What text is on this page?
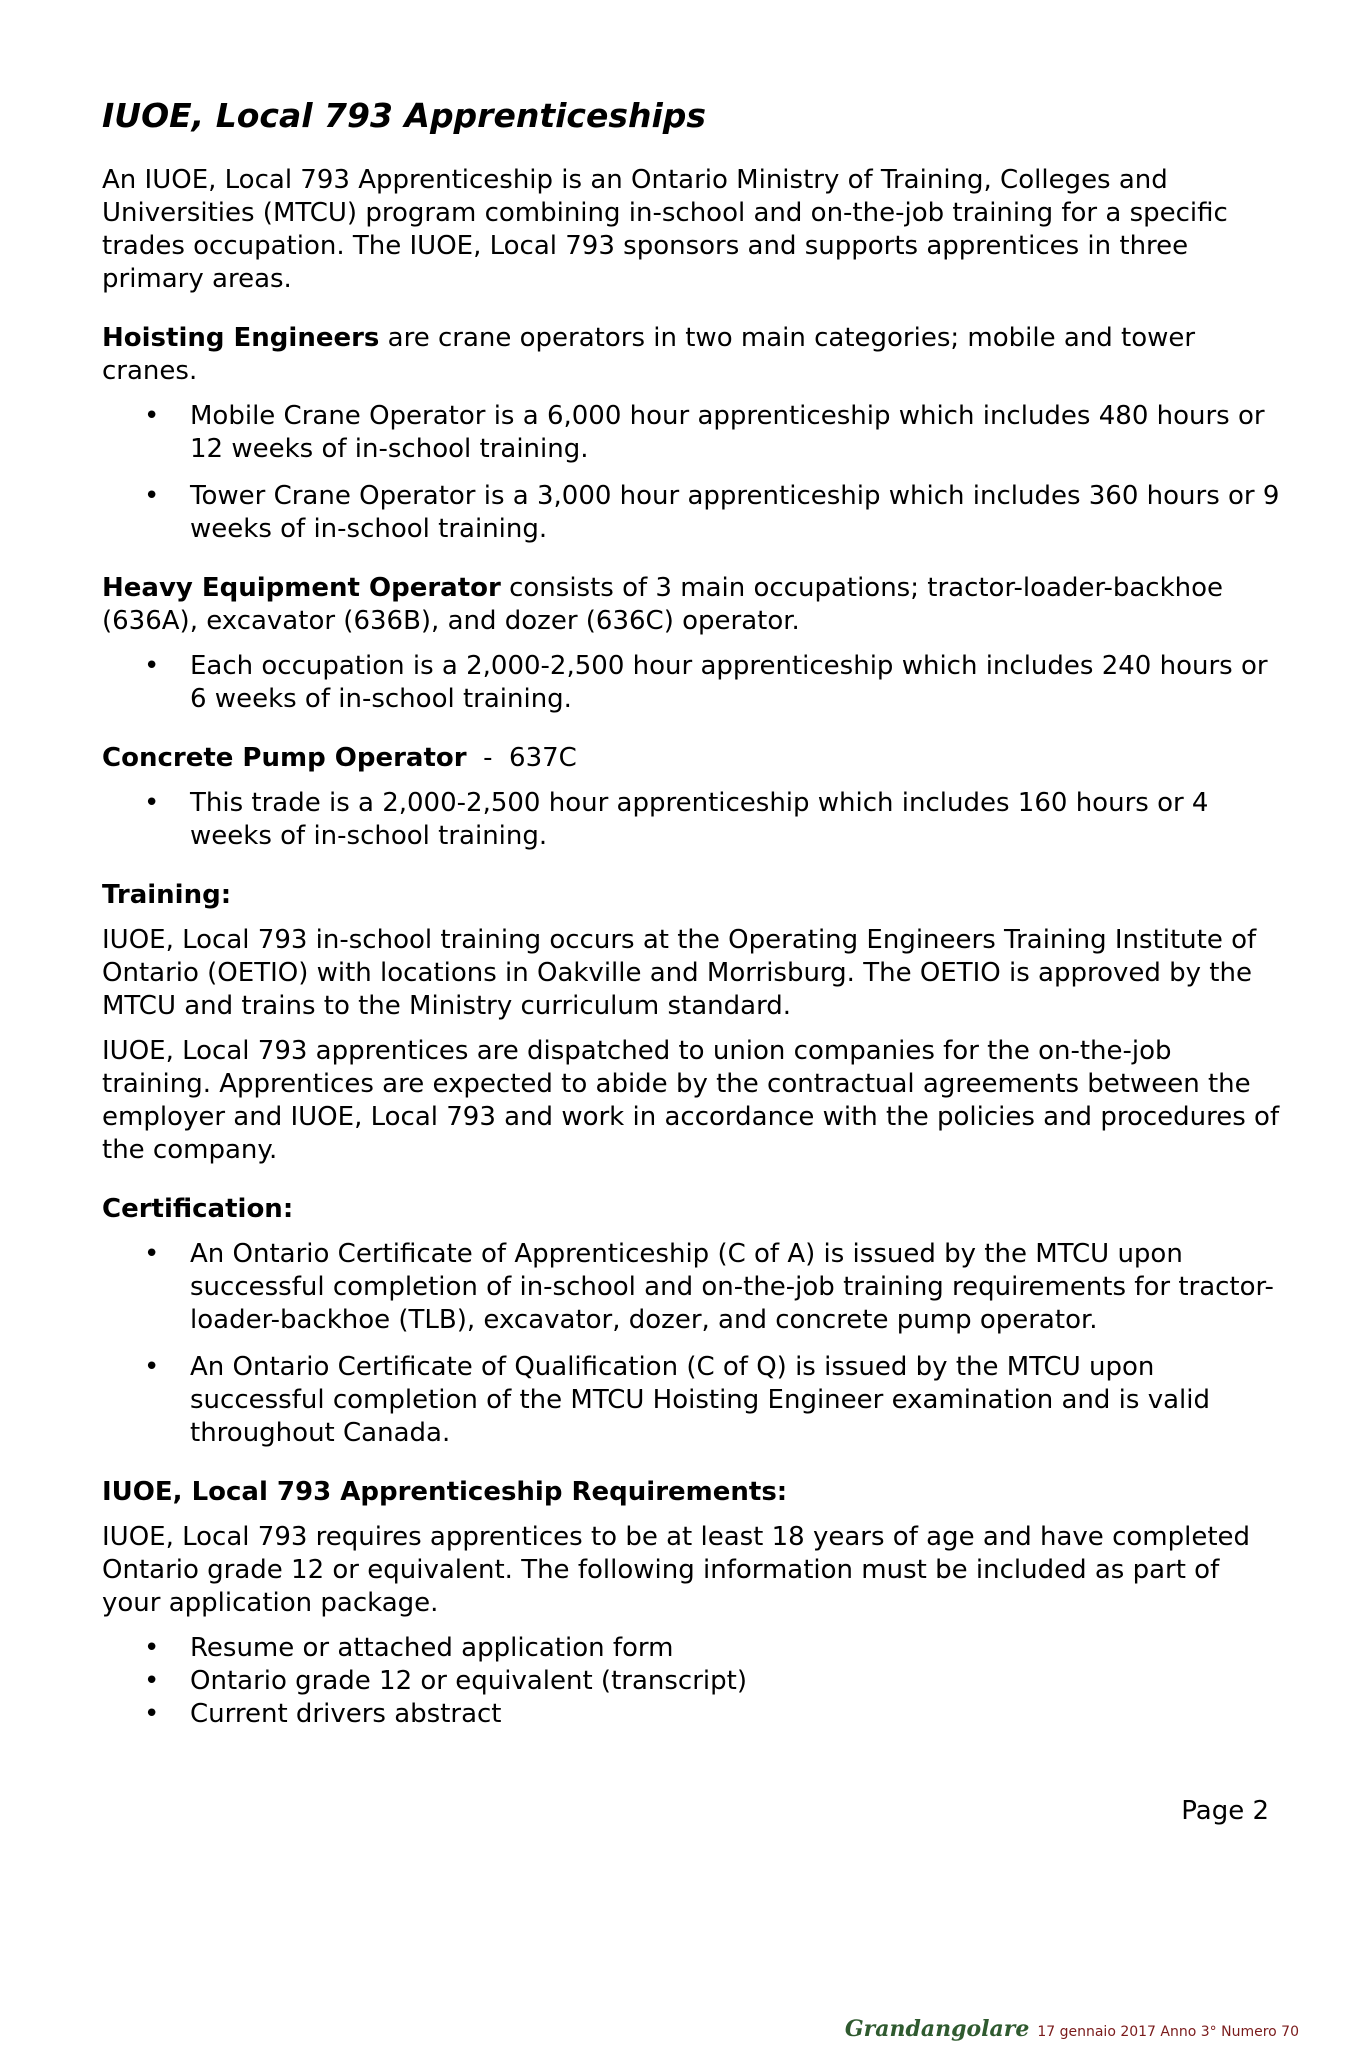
IUOE, Local 793 Apprenticeships

An IUOE, Local 793 Apprenticeship is an Ontario Ministry of Training, Colleges and Universities (MTCU) program combining in-school and on-the-job training for a specific trades occupation. The IUOE, Local 793 sponsors and supports apprentices in three primary areas.

Hoisting Engineers are crane operators in two main categories; mobile and tower cranes.

• Mobile Crane Operator is a 6,000 hour apprenticeship which includes 480 hours or 12 weeks of in-school training.
• Tower Crane Operator is a 3,000 hour apprenticeship which includes 360 hours or 9 weeks of in-school training.

Heavy Equipment Operator consists of 3 main occupations; tractor-loader-backhoe (636A), excavator (636B), and dozer (636C) operator.

• Each occupation is a 2,000-2,500 hour apprenticeship which includes 240 hours or 6 weeks of in-school training.

Concrete Pump Operator  -  637C

• This trade is a 2,000-2,500 hour apprenticeship which includes 160 hours or 4 weeks of in-school training.

Training:

IUOE, Local 793 in-school training occurs at the Operating Engineers Training Institute of Ontario (OETIO) with locations in Oakville and Morrisburg. The OETIO is approved by the MTCU and trains to the Ministry curriculum standard.

IUOE, Local 793 apprentices are dispatched to union companies for the on-the-job training. Apprentices are expected to abide by the contractual agreements between the employer and IUOE, Local 793 and work in accordance with the policies and procedures of the company.

Certification:

• An Ontario Certificate of Apprenticeship (C of A) is issued by the MTCU upon successful completion of in-school and on-the-job training requirements for tractor-loader-backhoe (TLB), excavator, dozer, and concrete pump operator.
• An Ontario Certificate of Qualification (C of Q) is issued by the MTCU upon successful completion of the MTCU Hoisting Engineer examination and is valid throughout Canada.

IUOE, Local 793 Apprenticeship Requirements:

IUOE, Local 793 requires apprentices to be at least 18 years of age and have completed Ontario grade 12 or equivalent. The following information must be included as part of your application package.

• Resume or attached application form
• Ontario grade 12 or equivalent (transcript)
• Current drivers abstract
Page 2
Grandangolare 17 gennaio 2017 Anno 3° Numero 70
